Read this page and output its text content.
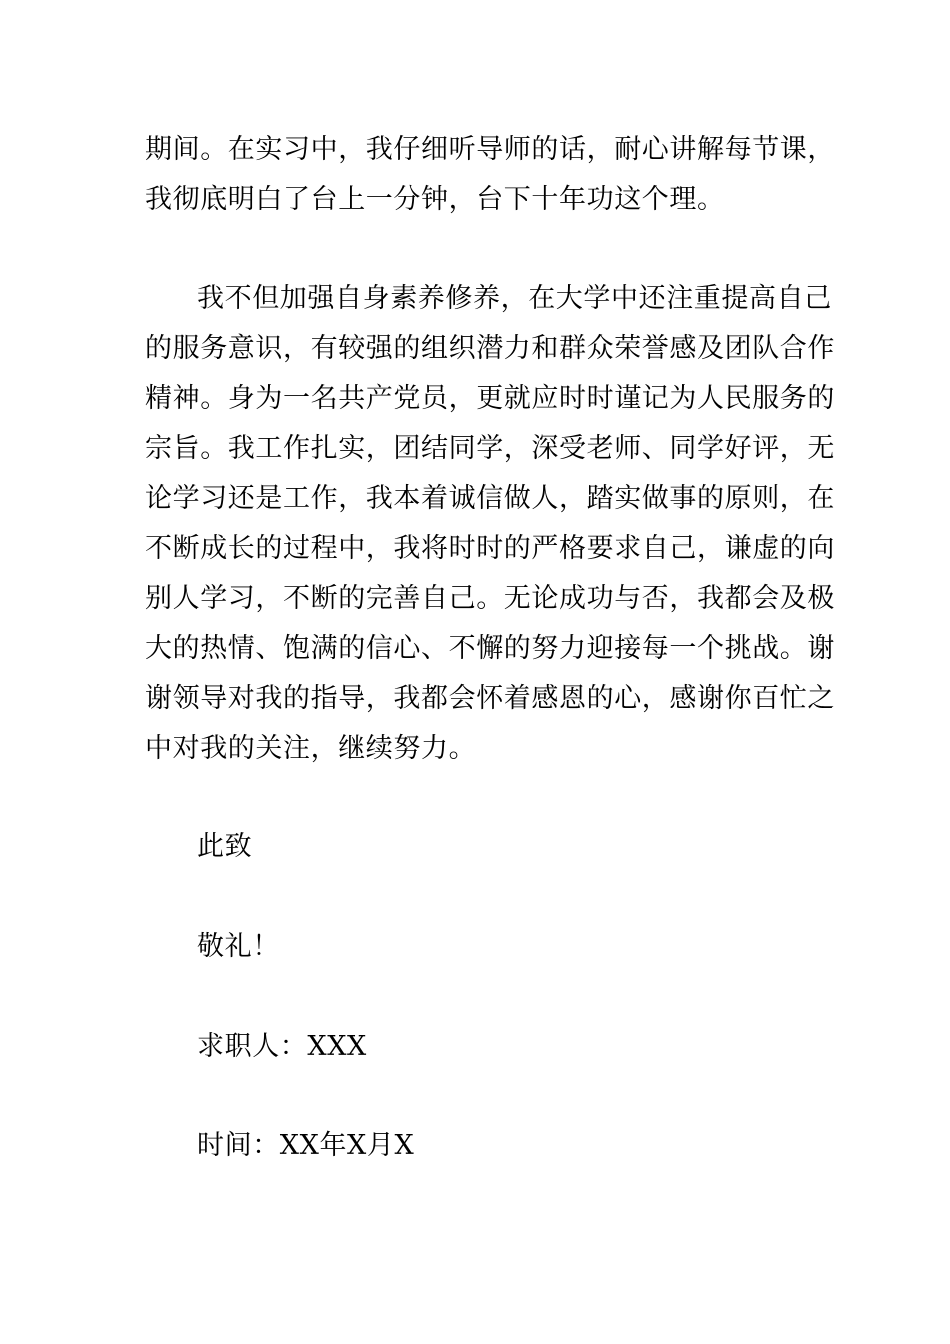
期间。在实习中，我仔细听导师的话，耐心讲解每节课，
我彻底明白了台上一分钟，台下十年功这个理。
我不但加强自身素养修养，在大学中还注重提高自己
的服务意识，有较强的组织潜力和群众荣誉感及团队合作
精神。身为一名共产党员，更就应时时谨记为人民服务的
宗旨。我工作扎实，团结同学，深受老师、同学好评，无
论学习还是工作，我本着诚信做人，踏实做事的原则，在
不断成长的过程中，我将时时的严格要求自己，谦虚的向
别人学习，不断的完善自己。无论成功与否，我都会及极
大的热情、饱满的信心、不懈的努力迎接每一个挑战。谢
谢领导对我的指导，我都会怀着感恩的心，感谢你百忙之
中对我的关注，继续努力。
此致
敬礼！
求职人：XXX
时间：XX年X月X
